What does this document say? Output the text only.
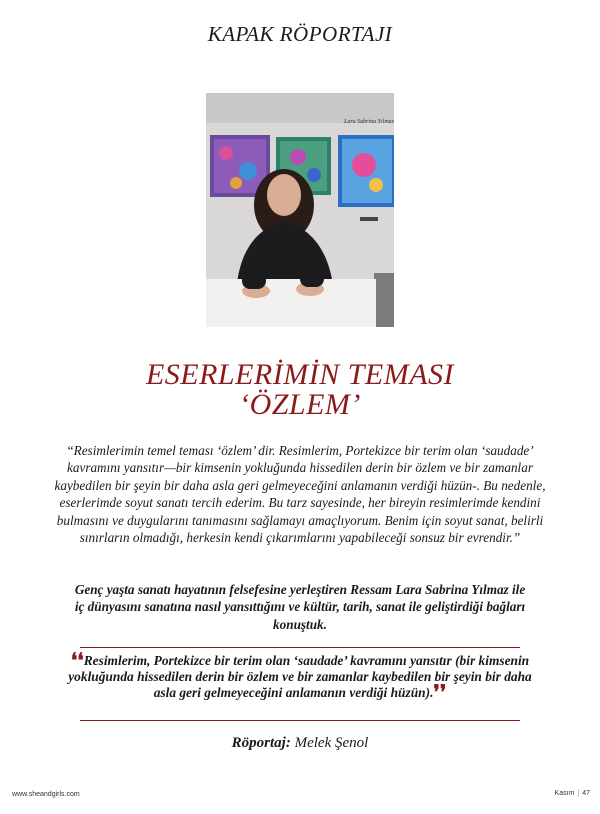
KAPAK RÖPORTAJI
Lara Sabrina Yılmaz
ESERLERİMİN TEMASI
‘ÖZLEM’
“Resimlerimin temel teması ‘özlem’ dir. Resimlerim, Portekizce bir terim olan ‘saudade’ kavramını yansıtır—bir kimsenin yokluğunda hissedilen derin bir özlem ve bir zamanlar kaybedilen bir şeyin bir daha asla geri gelmeyeceğini anlamanın verdiği hüzün-. Bu nedenle, eserlerimde soyut sanatı tercih ederim. Bu tarz sayesinde, her bireyin resimlerimde kendini bulmasını ve duygularını tanımasını sağlamayı amaçlıyorum. Benim için soyut sanat, belirli sınırların olmadığı, herkesin kendi çıkarımlarını yapabileceği sonsuz bir evrendir.”
Genç yaşta sanatı hayatının felsefesine yerleştiren Ressam Lara Sabrina Yılmaz ile iç dünyasını sanatına nasıl yansıttığını ve kültür, tarih, sanat ile geliştirdiği bağları konuştuk.
❛❛Resimlerim, Portekizce bir terim olan ‘saudade’ kavramını yansıtır (bir kimsenin yokluğunda hissedilen derin bir özlem ve bir zamanlar kaybedilen bir şeyin bir daha asla geri gelmeyeceğini anlamanın verdiği hüzün).❜❜
Röportaj: Melek Şenol
www.sheandgirls.com	Kasım | 47
